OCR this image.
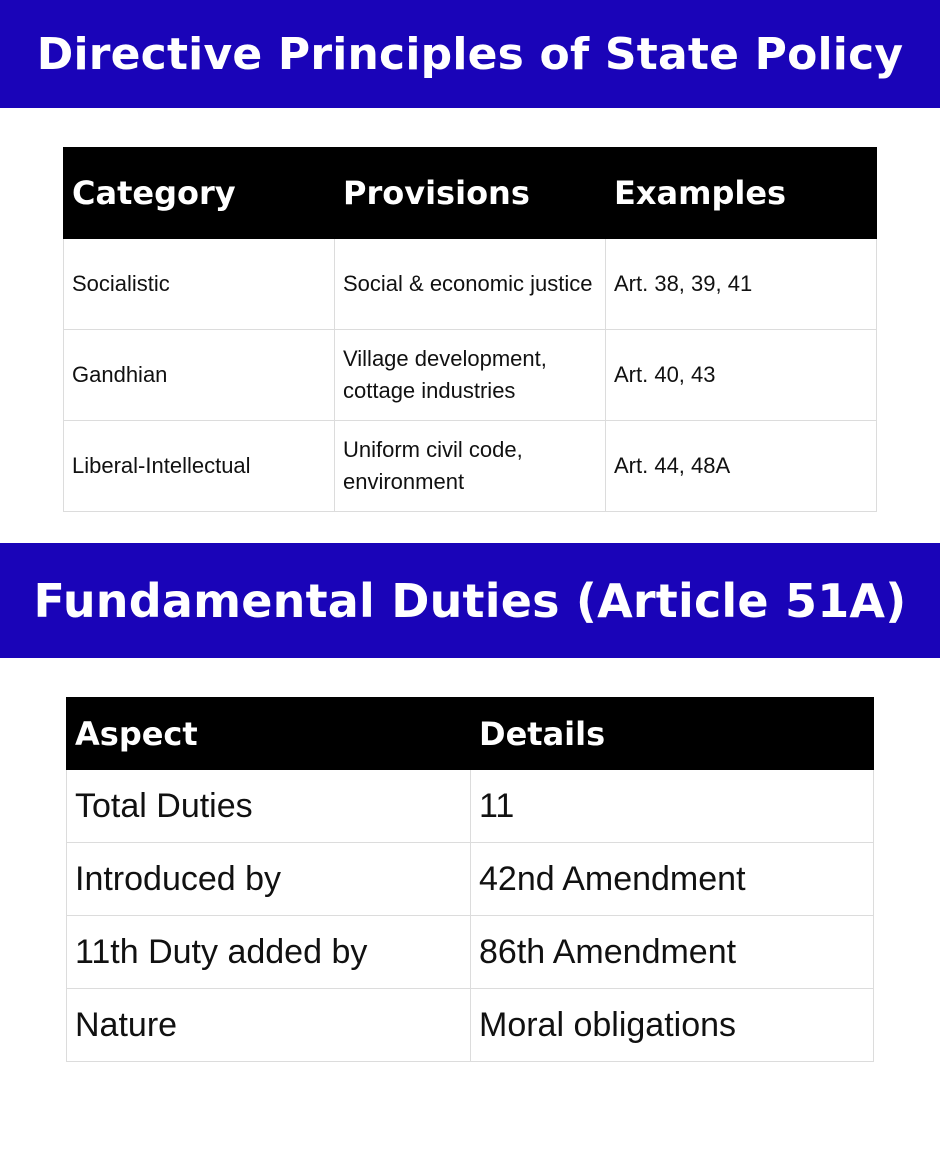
Directive Principles of State Policy
Category	Provisions	Examples
Socialistic	Social & economic justice	Art. 38, 39, 41
Gandhian	Village development, cottage industries	Art. 40, 43
Liberal-Intellectual	Uniform civil code, environment	Art. 44, 48A
Fundamental Duties (Article 51A)
Aspect	Details
Total Duties	11
Introduced by	42nd Amendment
11th Duty added by	86th Amendment
Nature	Moral obligations
